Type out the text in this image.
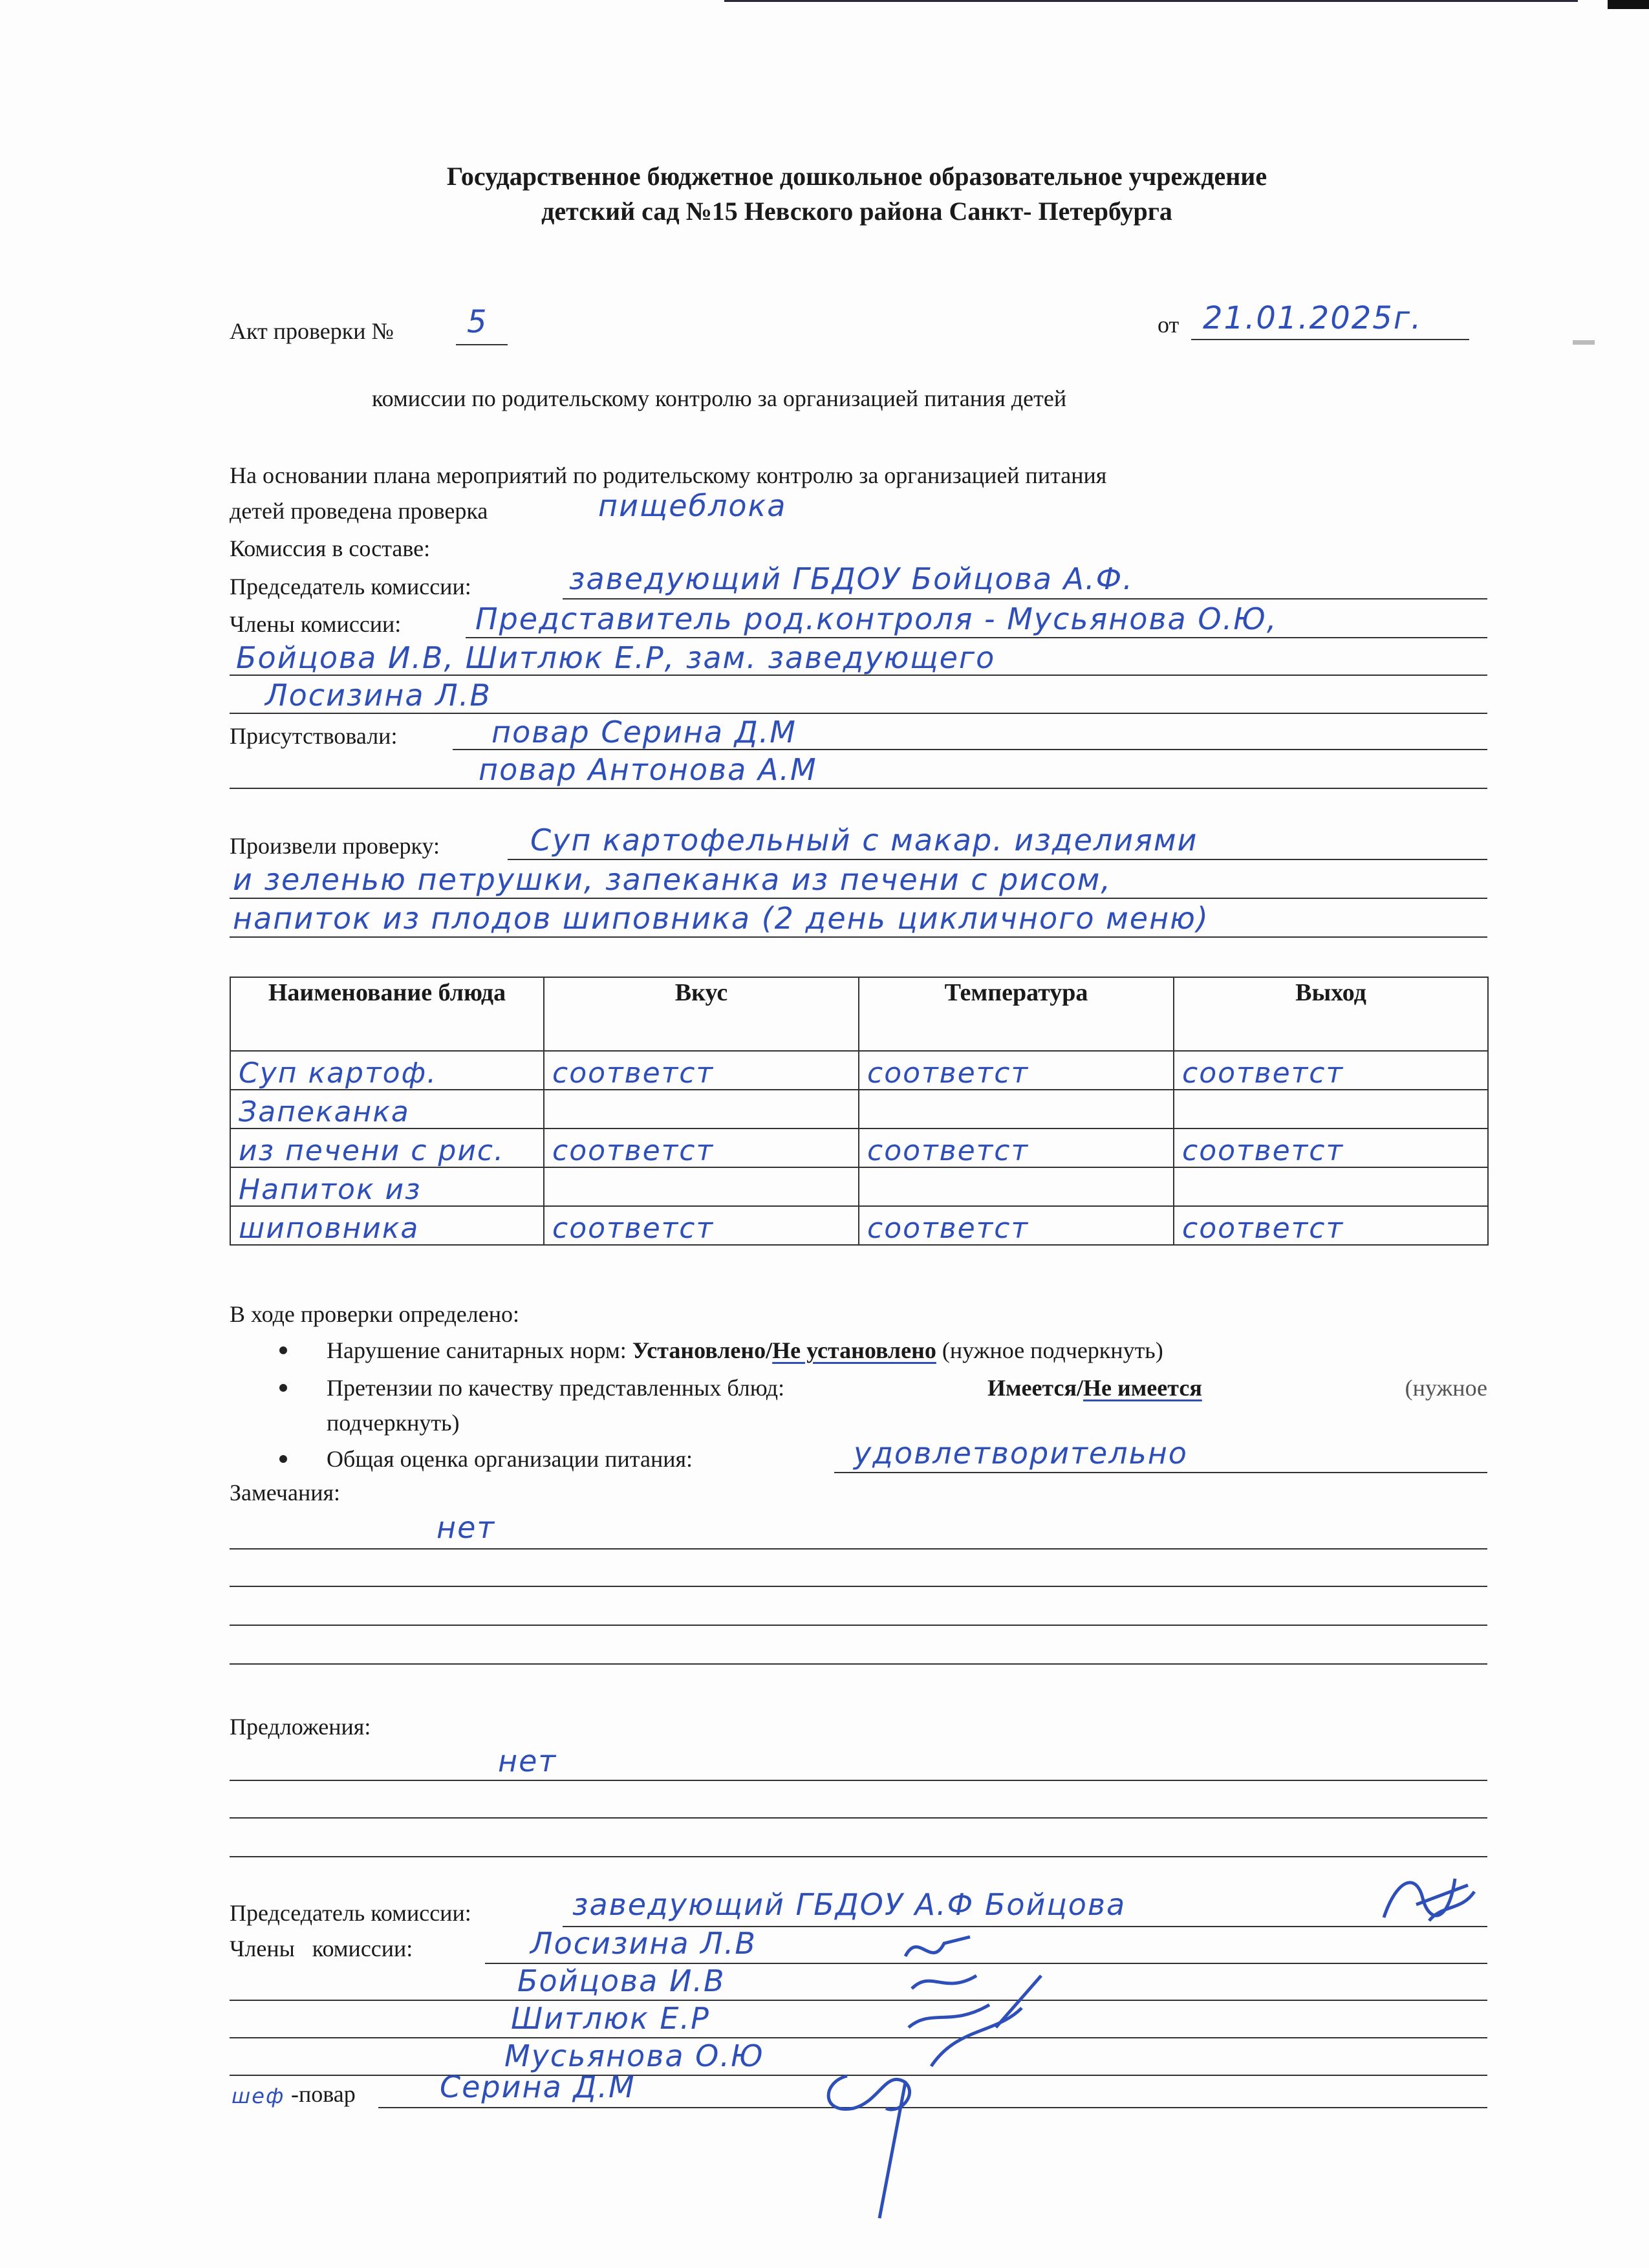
Государственное бюджетное дошкольное образовательное учреждение
детский сад №15 Невского района Санкт- Петербурга
Акт проверки № 5	от 21.01.2025г.
комиссии по родительскому контролю за организацией питания детей
На основании плана мероприятий по родительскому контролю за организацией питания
детей проведена проверка	пищеблока
Комиссия в составе:
Председатель комиссии:	заведующий ГБДОУ Бойцова А.Ф.
Члены комиссии: Представитель род.контроля - Мусьянова О.Ю,
Бойцова И.В, Шитлюк Е.Р, зам. заведующего
Лосизина Л.В
Присутствовали:	повар Серина Д.М
повар Антонова А.М
Произвели проверку:	Суп картофельный с макар. изделиями
и зеленью петрушки, запеканка из печени с рисом,
напиток из плодов шиповника (2 день цикличного меню)
Наименование блюда	Вкус	Температура	Выход

Суп картоф.	соответст	соответст	соответст

Запеканка			

из печени с рис.	соответст	соответст	соответст

Напиток из			

шиповника	соответст	соответст	соответст
В ходе проверки определено:
Нарушение санитарных норм: Установлено/Не установлено (нужное подчеркнуть)
Претензии по качеству представленных блюд:	Имеется/Не имеется	(нужное
подчеркнуть)
Общая оценка организации питания:	удовлетворительно
Замечания:
нет
Предложения:
нет
Председатель комиссии:	заведующий ГБДОУ А.Ф Бойцова
Члены комиссии:	Лосизина Л.В
Бойцова И.В
Шитлюк Е.Р
Мусьянова О.Ю
шеф -повар	Серина Д.М
